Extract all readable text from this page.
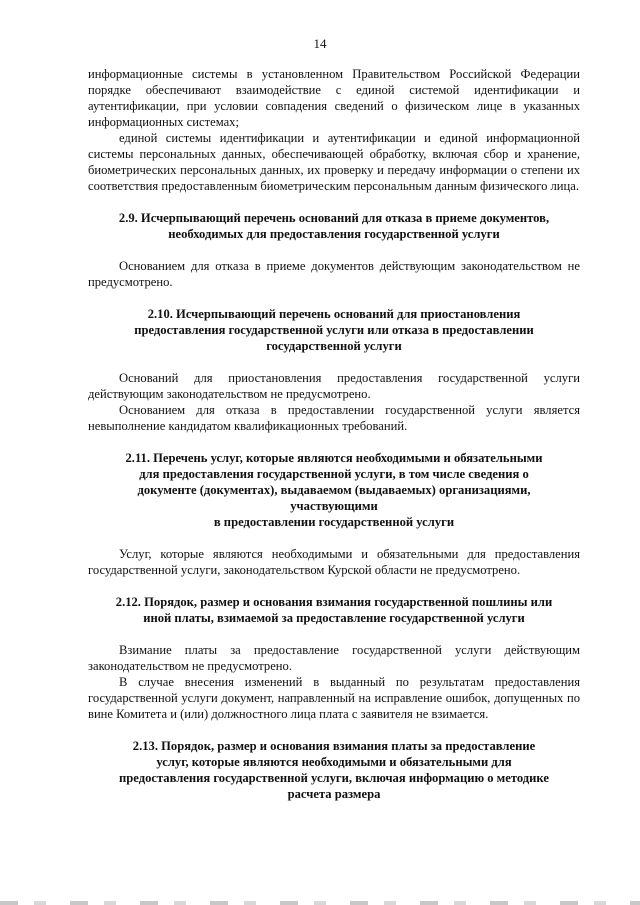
14

информационные системы в установленном Правительством Российской Федерации порядке обеспечивают взаимодействие с единой системой идентификации и аутентификации, при условии совпадения сведений о физическом лице в указанных информационных системах;

единой системы идентификации и аутентификации и единой информационной системы персональных данных, обеспечивающей обработку, включая сбор и хранение, биометрических персональных данных, их проверку и передачу информации о степени их соответствия предоставленным биометрическим персональным данным физического лица.

2.9. Исчерпывающий перечень оснований для отказа в приеме документов,
необходимых для предоставления государственной услуги

Основанием для отказа в приеме документов действующим законодательством не предусмотрено.

2.10. Исчерпывающий перечень оснований для приостановления
предоставления государственной услуги или отказа в предоставлении
государственной услуги

Оснований для приостановления предоставления государственной услуги действующим законодательством не предусмотрено.

Основанием для отказа в предоставлении государственной услуги является невыполнение кандидатом квалификационных требований.

2.11. Перечень услуг, которые являются необходимыми и обязательными
для предоставления государственной услуги, в том числе сведения о
документе (документах), выдаваемом (выдаваемых) организациями,
участвующими
в предоставлении государственной услуги

Услуг, которые являются необходимыми и обязательными для предоставления государственной услуги, законодательством Курской области не предусмотрено.

2.12. Порядок, размер и основания взимания государственной пошлины или
иной платы, взимаемой за предоставление государственной услуги

Взимание платы за предоставление государственной услуги действующим законодательством не предусмотрено.

В случае внесения изменений в выданный по результатам предоставления государственной услуги документ, направленный на исправление ошибок, допущенных по вине Комитета и (или) должностного лица плата с заявителя не взимается.

2.13. Порядок, размер и основания взимания платы за предоставление
услуг, которые являются необходимыми и обязательными для
предоставления государственной услуги, включая информацию о методике
расчета размера
